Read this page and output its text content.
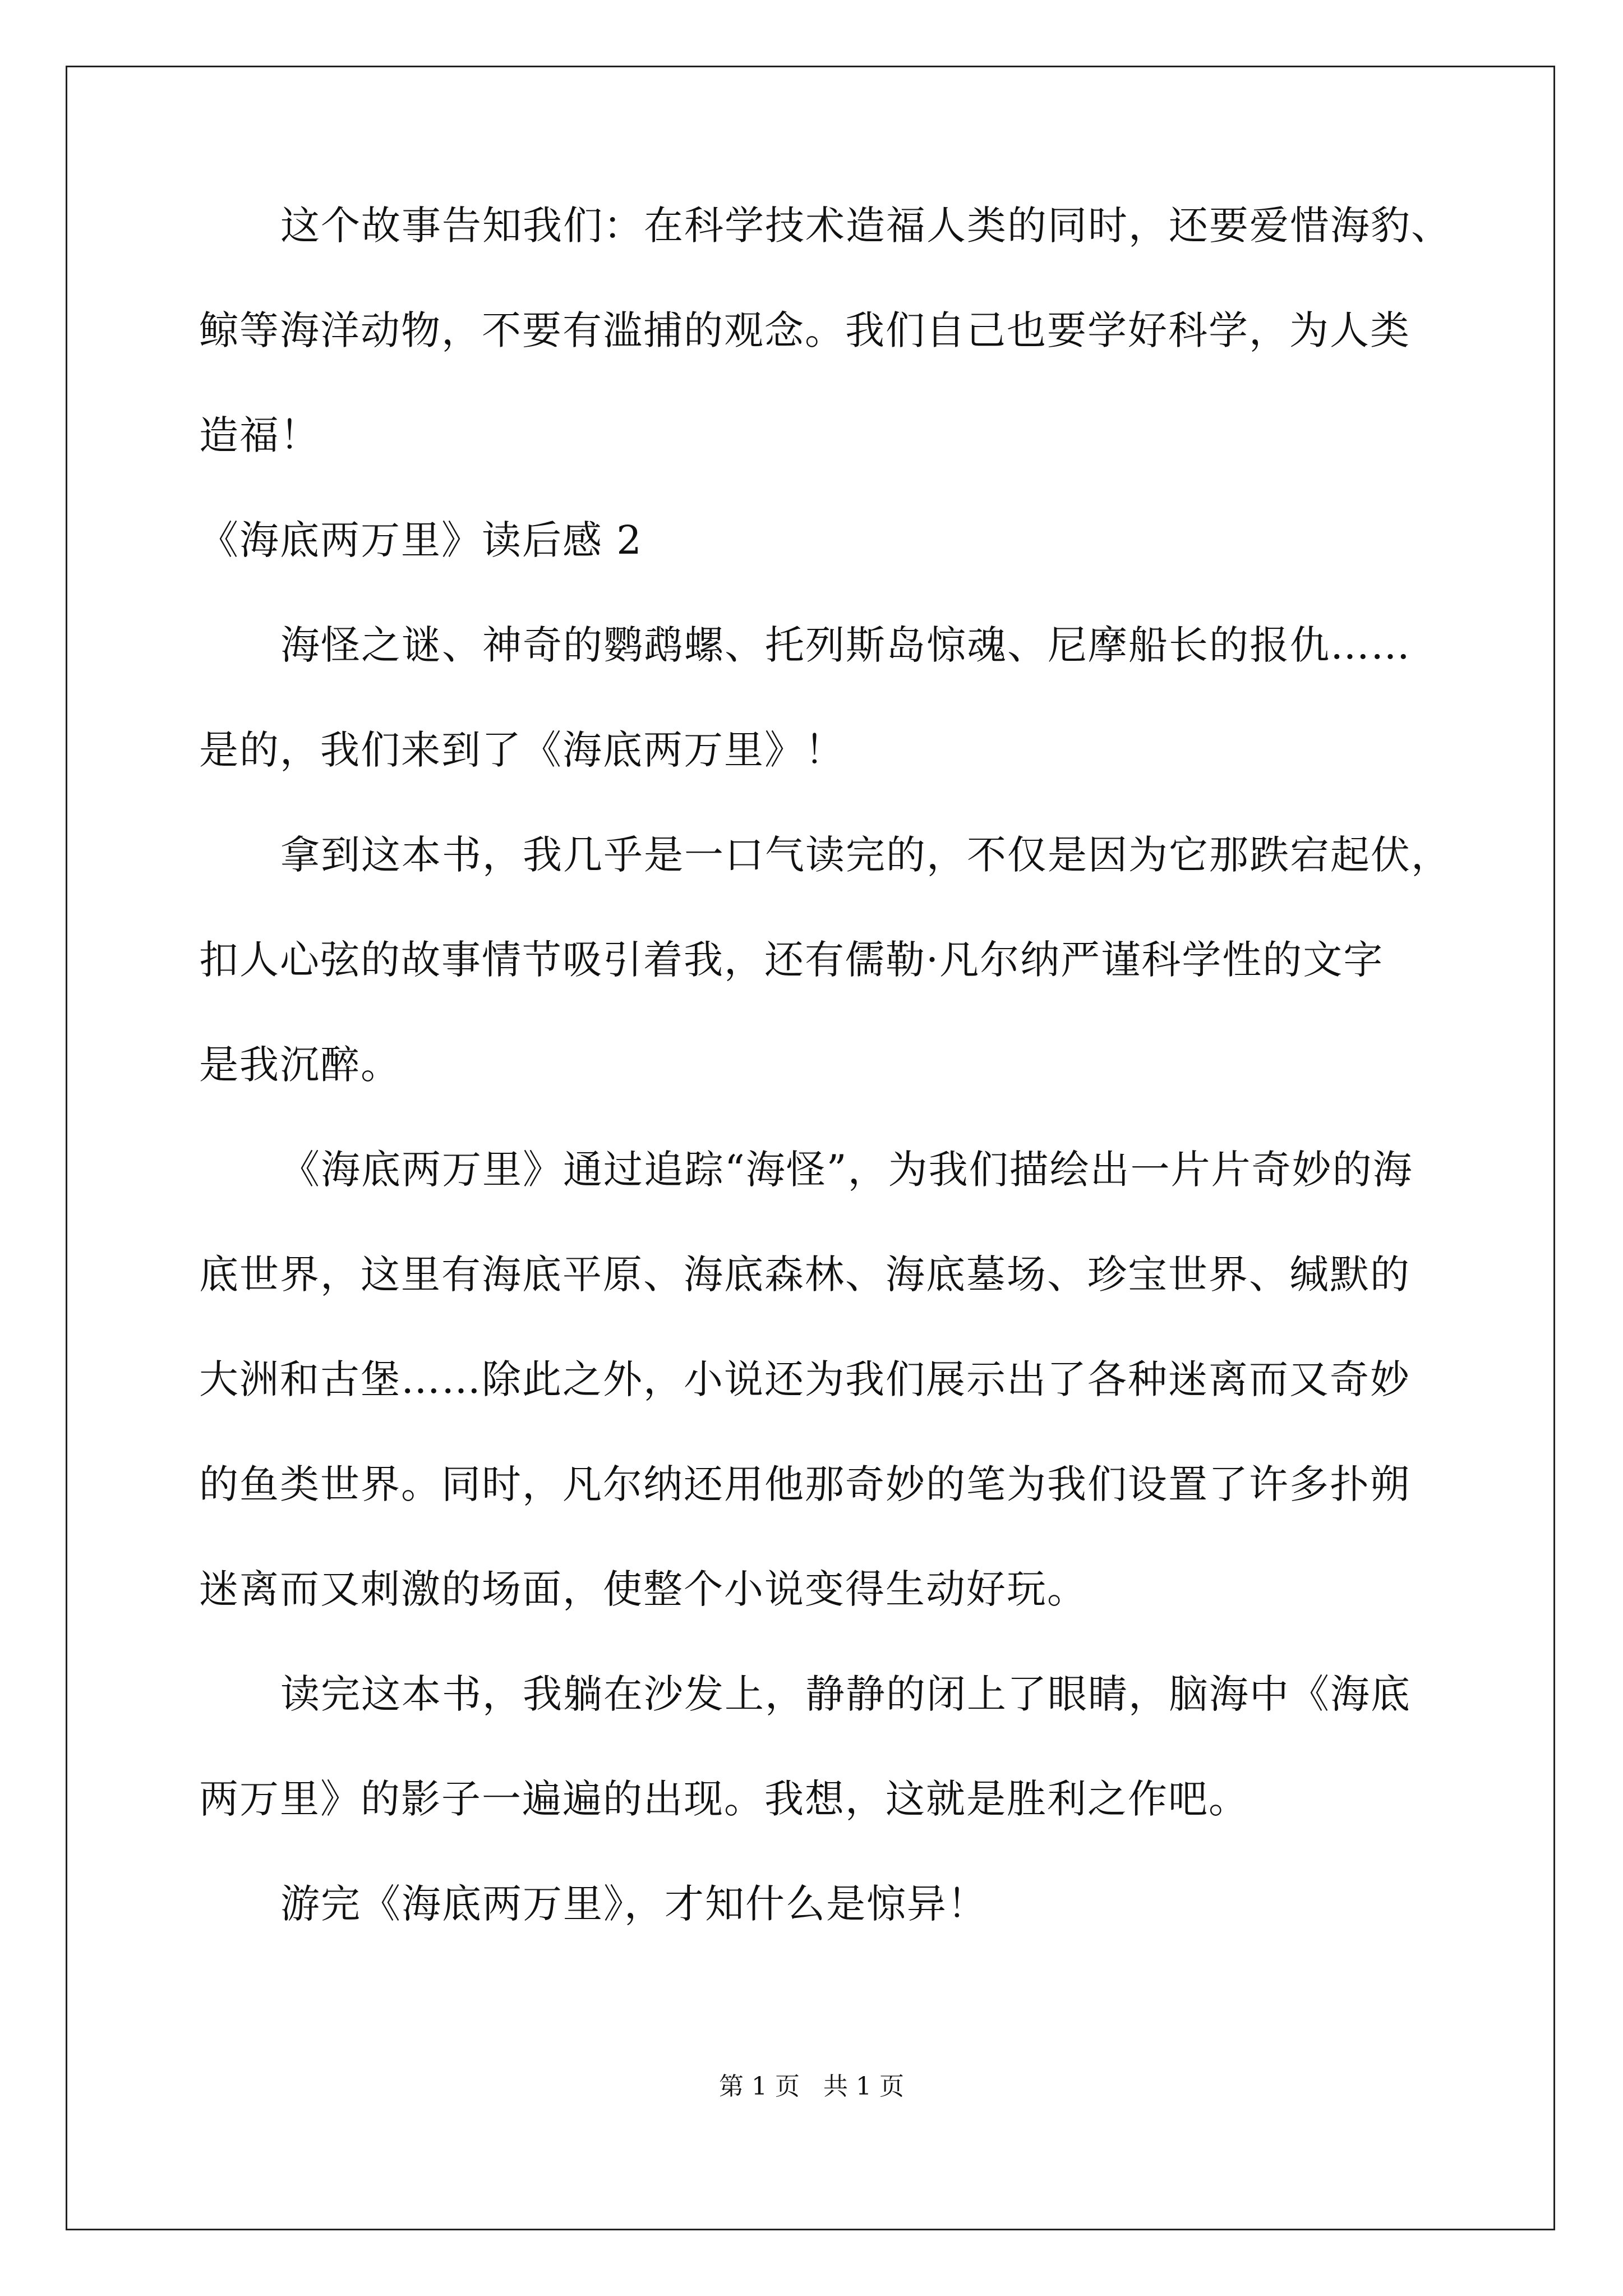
这个故事告知我们：在科学技术造福人类的同时，还要爱惜海豹、
鲸等海洋动物，不要有滥捕的观念。我们自己也要学好科学，为人类
造福！
《海底两万里》读后感 2
海怪之谜、神奇的鹦鹉螺、托列斯岛惊魂、尼摩船长的报仇……
是的，我们来到了《海底两万里》！
拿到这本书，我几乎是一口气读完的，不仅是因为它那跌宕起伏，
扣人心弦的故事情节吸引着我，还有儒勒·凡尔纳严谨科学性的文字
是我沉醉。
《海底两万里》通过追踪“海怪”，为我们描绘出一片片奇妙的海
底世界，这里有海底平原、海底森林、海底墓场、珍宝世界、缄默的
大洲和古堡……除此之外，小说还为我们展示出了各种迷离而又奇妙
的鱼类世界。同时，凡尔纳还用他那奇妙的笔为我们设置了许多扑朔
迷离而又刺激的场面，使整个小说变得生动好玩。
读完这本书，我躺在沙发上，静静的闭上了眼睛，脑海中《海底
两万里》的影子一遍遍的出现。我想，这就是胜利之作吧。
游完《海底两万里》，才知什么是惊异！
第 1 页   共 1 页
